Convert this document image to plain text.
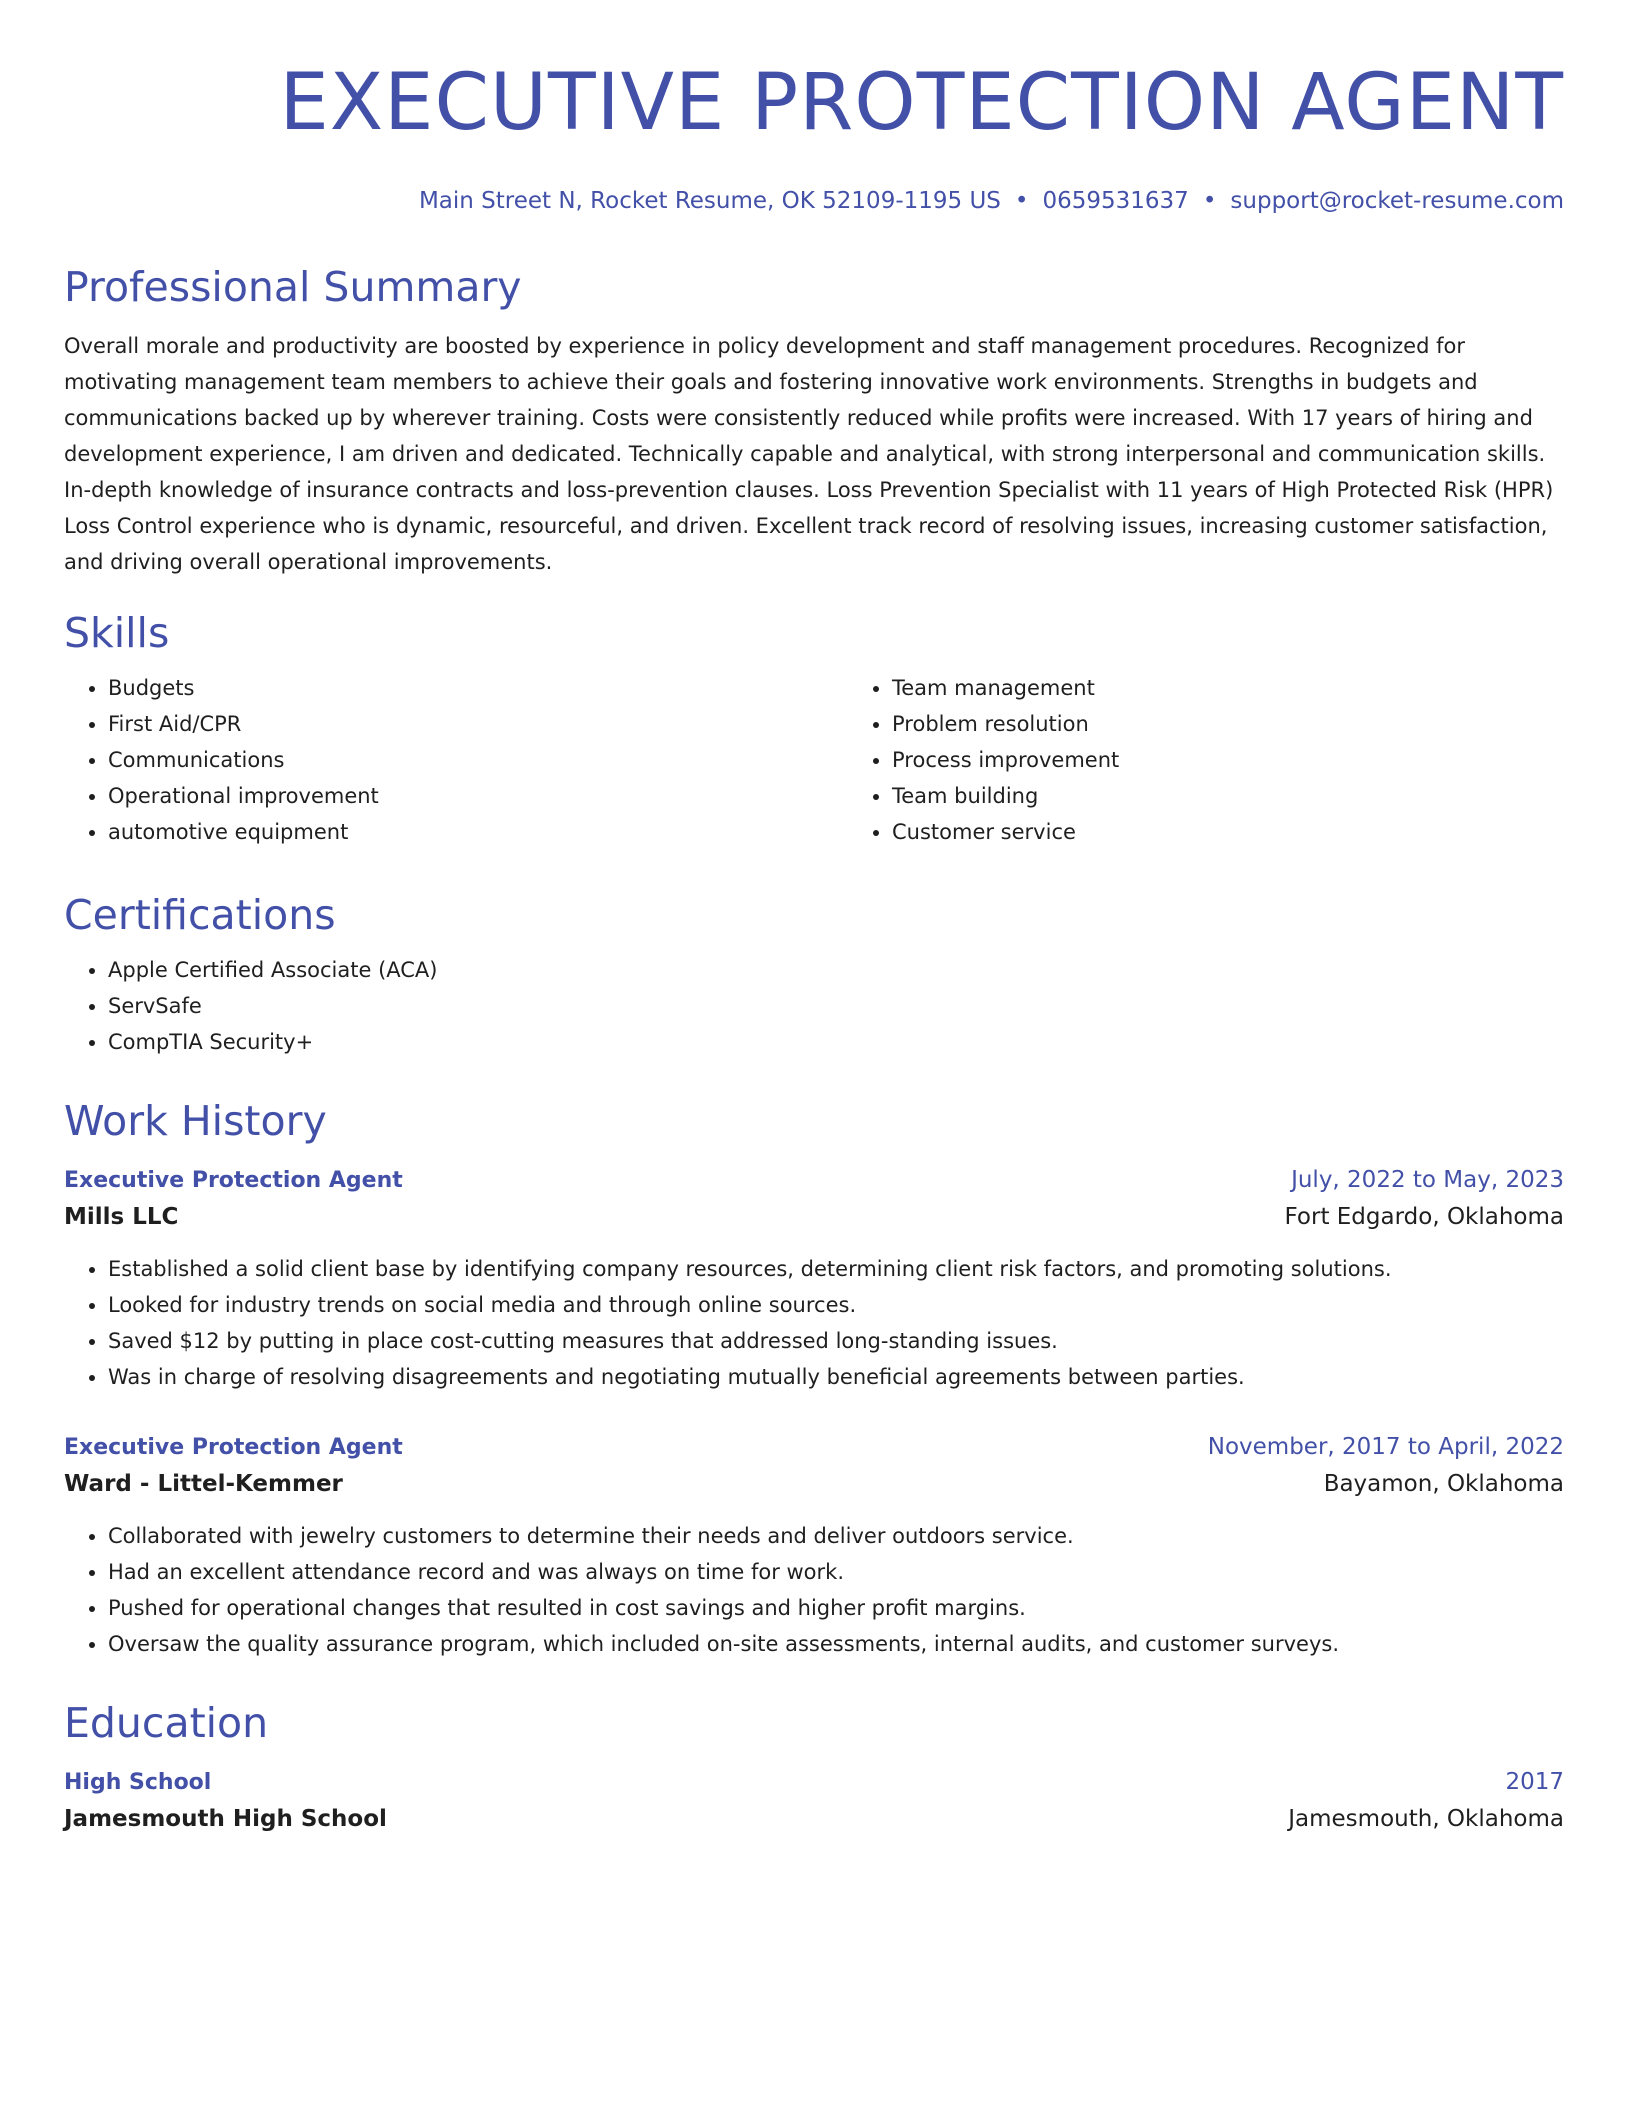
EXECUTIVE PROTECTION AGENT
Main Street N, Rocket Resume, OK 52109-1195 US • 0659531637 • support@rocket-resume.com
Professional Summary
Overall morale and productivity are boosted by experience in policy development and staff management procedures. Recognized for motivating management team members to achieve their goals and fostering innovative work environments. Strengths in budgets and communications backed up by wherever training. Costs were consistently reduced while profits were increased. With 17 years of hiring and development experience, I am driven and dedicated. Technically capable and analytical, with strong interpersonal and communication skills. In-depth knowledge of insurance contracts and loss-prevention clauses. Loss Prevention Specialist with 11 years of High Protected Risk (HPR) Loss Control experience who is dynamic, resourceful, and driven. Excellent track record of resolving issues, increasing customer satisfaction, and driving overall operational improvements.
Skills
• Budgets
• First Aid/CPR
• Communications
• Operational improvement
• automotive equipment
• Team management
• Problem resolution
• Process improvement
• Team building
• Customer service
Certifications
• Apple Certified Associate (ACA)
• ServSafe
• CompTIA Security+
Work History
Executive Protection Agent	July, 2022 to May, 2023
Mills LLC	Fort Edgardo, Oklahoma
• Established a solid client base by identifying company resources, determining client risk factors, and promoting solutions.
• Looked for industry trends on social media and through online sources.
• Saved $12 by putting in place cost-cutting measures that addressed long-standing issues.
• Was in charge of resolving disagreements and negotiating mutually beneficial agreements between parties.
Executive Protection Agent	November, 2017 to April, 2022
Ward - Littel-Kemmer	Bayamon, Oklahoma
• Collaborated with jewelry customers to determine their needs and deliver outdoors service.
• Had an excellent attendance record and was always on time for work.
• Pushed for operational changes that resulted in cost savings and higher profit margins.
• Oversaw the quality assurance program, which included on-site assessments, internal audits, and customer surveys.
Education
High School	2017
Jamesmouth High School	Jamesmouth, Oklahoma
